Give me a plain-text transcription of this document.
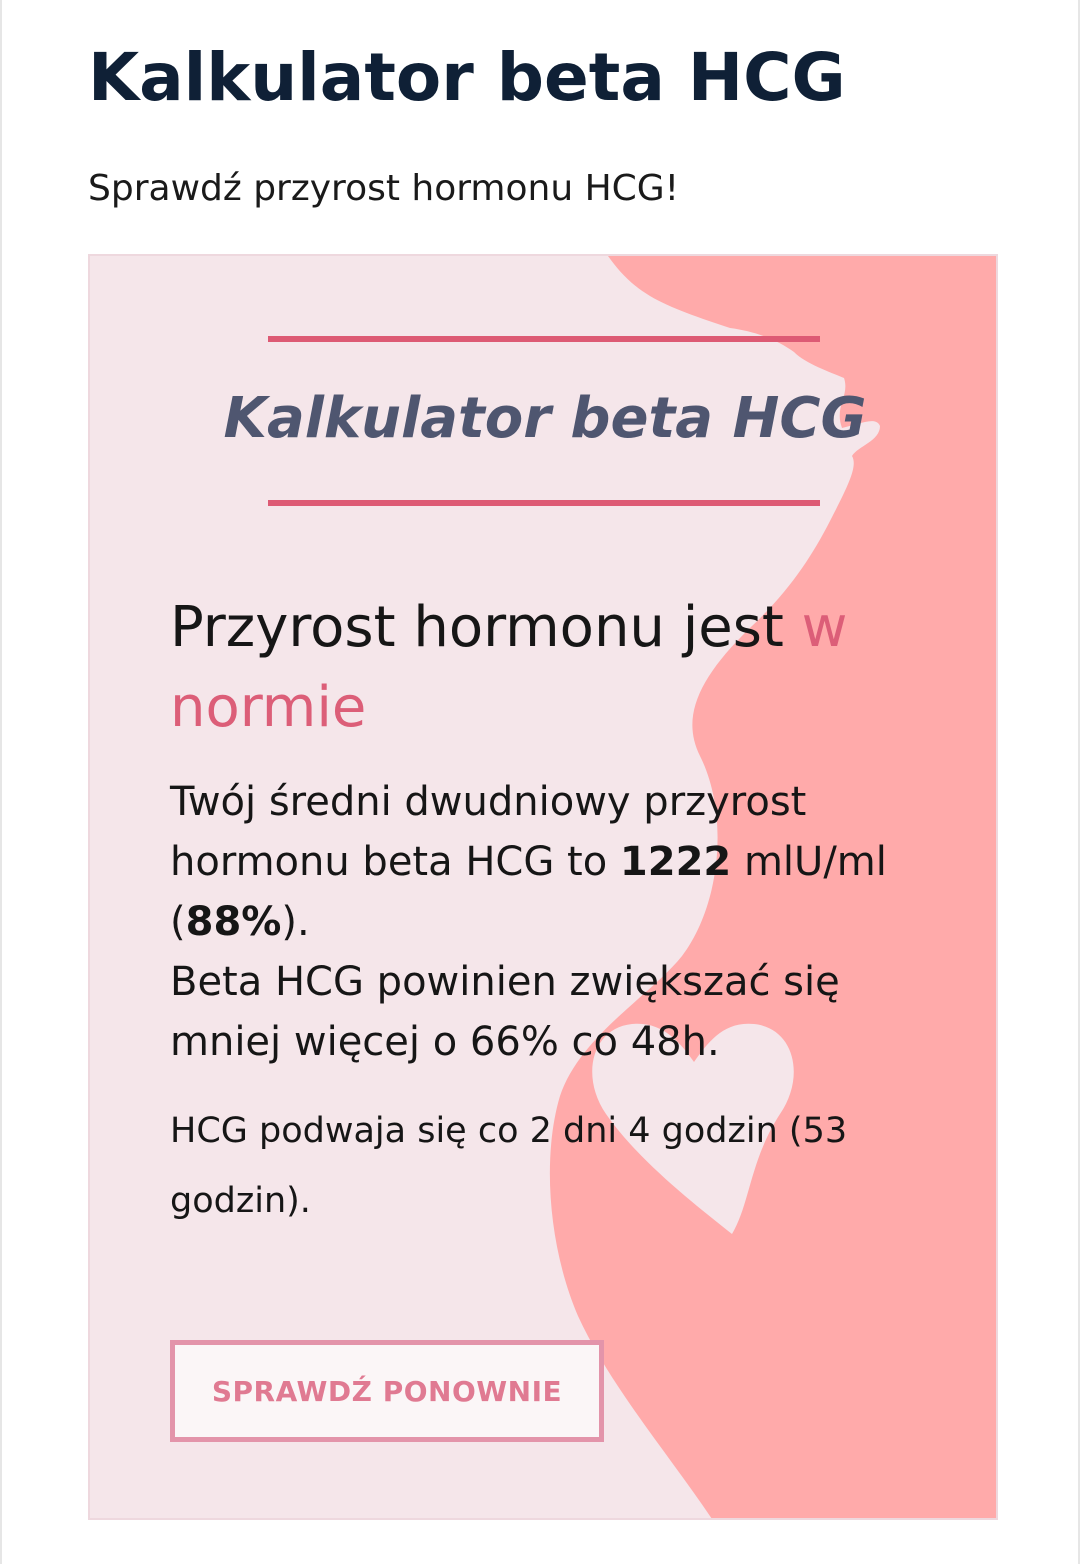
Kalkulator beta HCG

Sprawdź przyrost hormonu HCG!

Kalkulator beta HCG
Przyrost hormonu jest w normie

Twój średni dwudniowy przyrost hormonu beta HCG to 1222 mlU/ml (88%).
Beta HCG powinien zwiększać się mniej więcej o 66% co 48h.

HCG podwaja się co 2 dni 4 godzin (53 godzin).

SPRAWDŹ PONOWNIE
